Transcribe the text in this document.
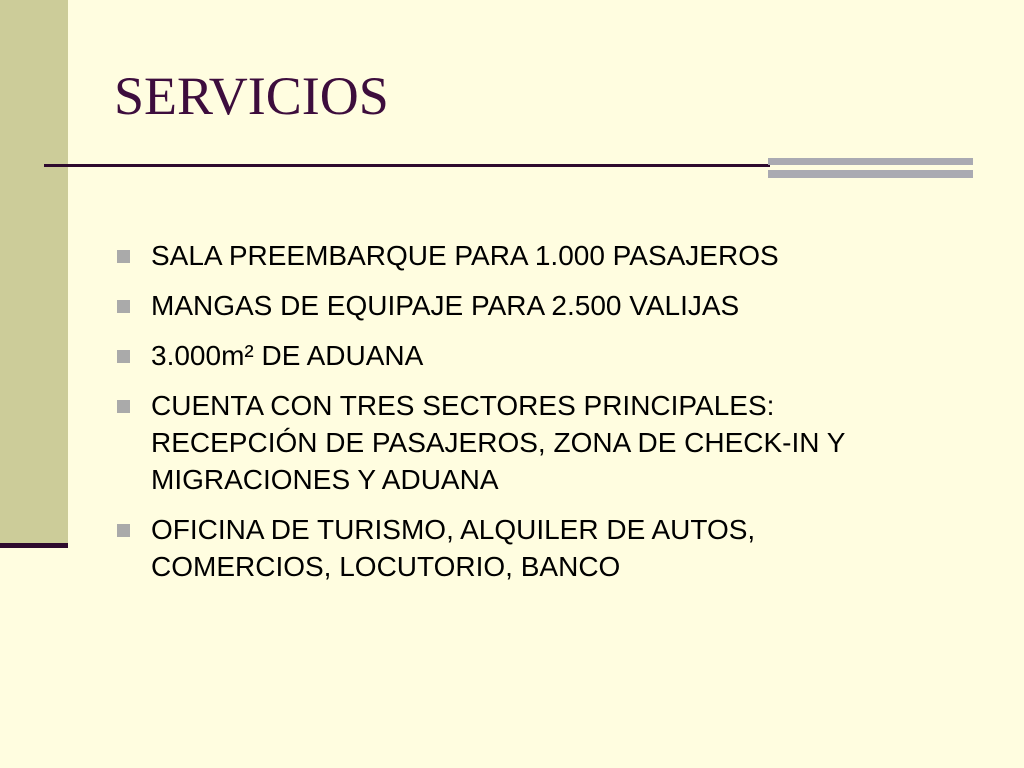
SERVICIOS
SALA PREEMBARQUE PARA 1.000 PASAJEROS
MANGAS DE EQUIPAJE PARA 2.500 VALIJAS
3.000m² DE ADUANA
CUENTA CON TRES SECTORES PRINCIPALES: RECEPCIÓN DE PASAJEROS, ZONA DE CHECK-IN Y MIGRACIONES Y ADUANA
OFICINA DE TURISMO, ALQUILER DE AUTOS, COMERCIOS, LOCUTORIO, BANCO
